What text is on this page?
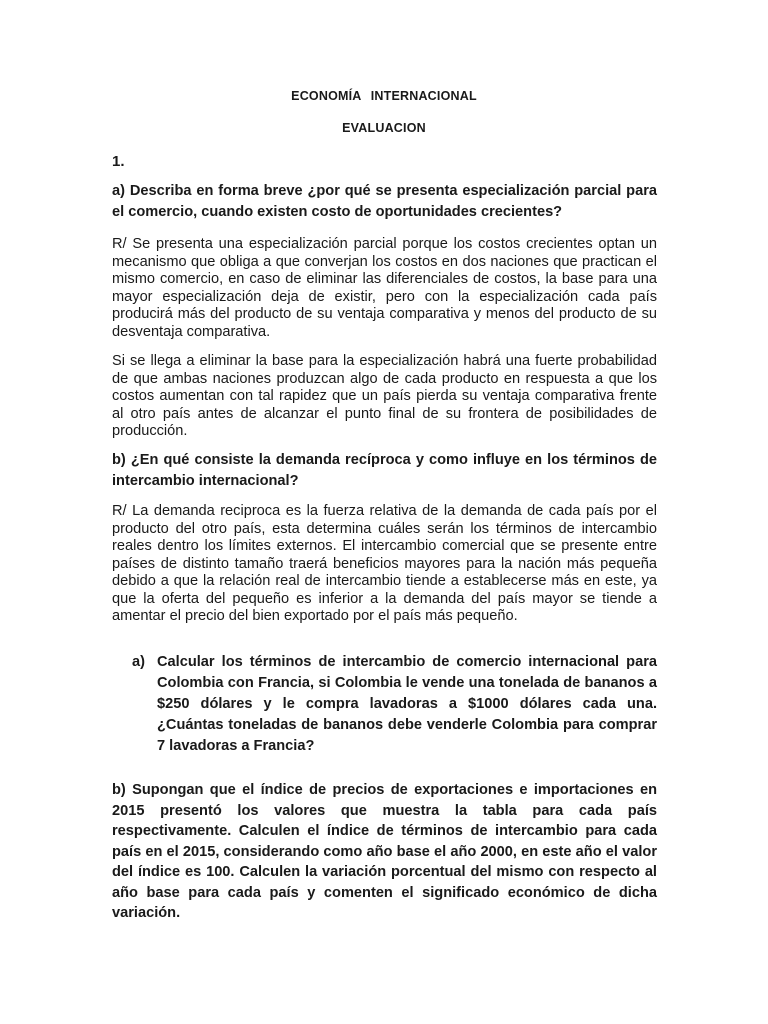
ECONOMÍA INTERNACIONAL
EVALUACION
1.
a) Describa en forma breve ¿por qué se presenta especialización parcial para el comercio, cuando existen costo de oportunidades crecientes?
R/ Se presenta una especialización parcial porque los costos crecientes optan un mecanismo que obliga a que converjan los costos en dos naciones que practican el mismo comercio, en caso de eliminar las diferenciales de costos, la base para una mayor especialización deja de existir, pero con la especialización cada país producirá más del producto de su ventaja comparativa y menos del producto de su desventaja comparativa.
Si se llega a eliminar la base para la especialización habrá una fuerte probabilidad de que ambas naciones produzcan algo de cada producto en respuesta a que los costos aumentan con tal rapidez que un país pierda su ventaja comparativa frente al otro país antes de alcanzar el punto final de su frontera de posibilidades de producción.
b) ¿En qué consiste la demanda recíproca y como influye en los términos de intercambio internacional?
R/ La demanda reciproca es la fuerza relativa de la demanda de cada país por el producto del otro país, esta determina cuáles serán los términos de intercambio reales dentro los límites externos. El intercambio comercial que se presente entre países de distinto tamaño traerá beneficios mayores para la nación más pequeña debido a que la relación real de intercambio tiende a establecerse más en este, ya que la oferta del pequeño es inferior a la demanda del país mayor se tiende a amentar el precio del bien exportado por el país más pequeño.
a) Calcular los términos de intercambio de comercio internacional para Colombia con Francia, si Colombia le vende una tonelada de bananos a $250 dólares y le compra lavadoras a $1000 dólares cada una. ¿Cuántas toneladas de bananos debe venderle Colombia para comprar 7 lavadoras a Francia?
b) Supongan que el índice de precios de exportaciones e importaciones en 2015 presentó los valores que muestra la tabla para cada país respectivamente. Calculen el índice de términos de intercambio para cada país en el 2015, considerando como año base el año 2000, en este año el valor del índice es 100. Calculen la variación porcentual del mismo con respecto al año base para cada país y comenten el significado económico de dicha variación.
